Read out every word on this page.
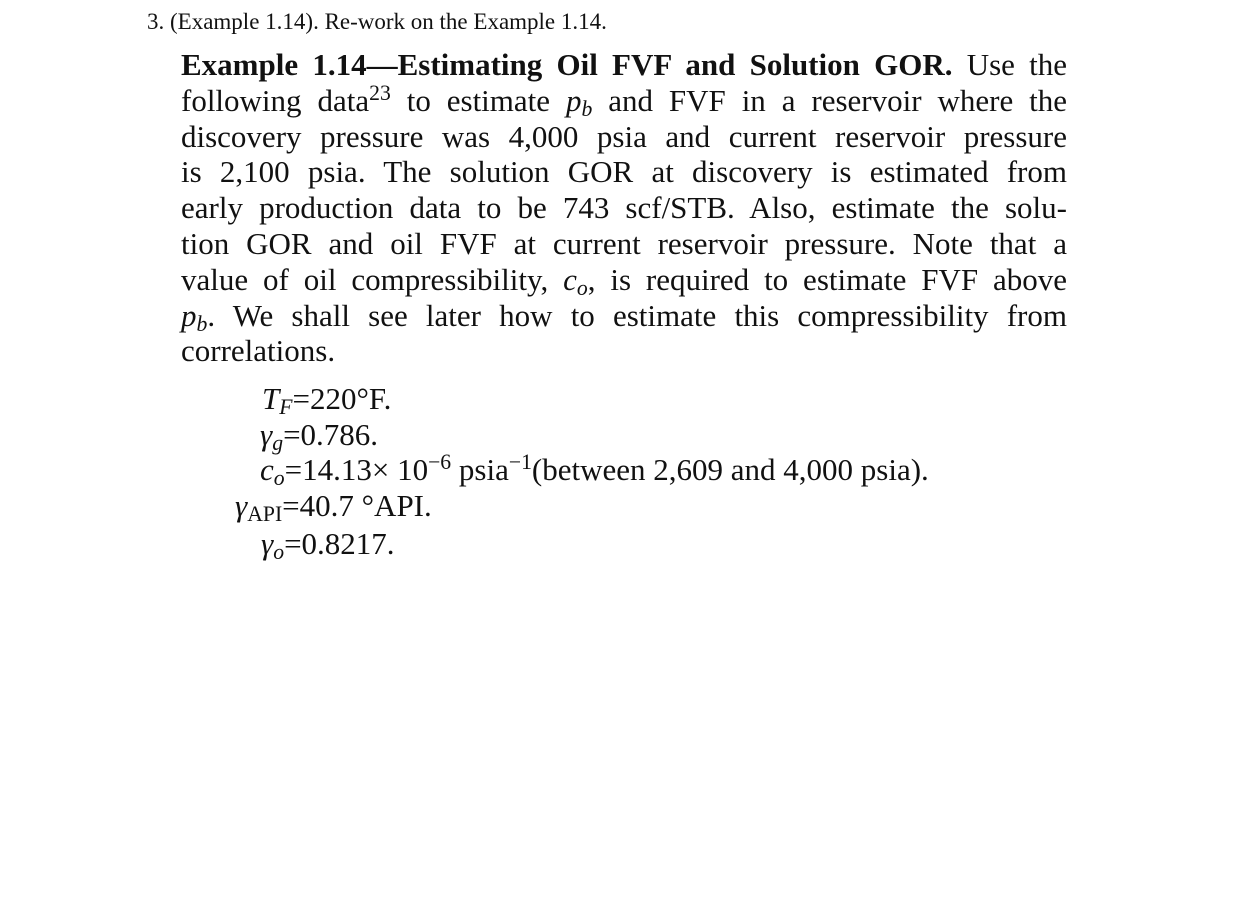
3. (Example 1.14). Re-work on the Example 1.14.
Example 1.14—Estimating Oil FVF and Solution GOR. Use the
following data$^{23}$ to estimate $p_b$ and FVF in a reservoir where the
discovery pressure was 4,000 psia and current reservoir pressure
is 2,100 psia. The solution GOR at discovery is estimated from
early production data to be 743 scf/STB. Also, estimate the solu-
tion GOR and oil FVF at current reservoir pressure. Note that a
value of oil compressibility, $c_o$, is required to estimate FVF above
$p_b$. We shall see later how to estimate this compressibility from
correlations.
$T_F=220^\circ F$.
$\gamma_g=0.786$.
$c_o=14.13\times 10^{-6}$ psia$^{-1}$(between 2,609 and 4,000 psia).
$\gamma_{API}=40.7$ °API.
$\gamma_o=0.8217$.
